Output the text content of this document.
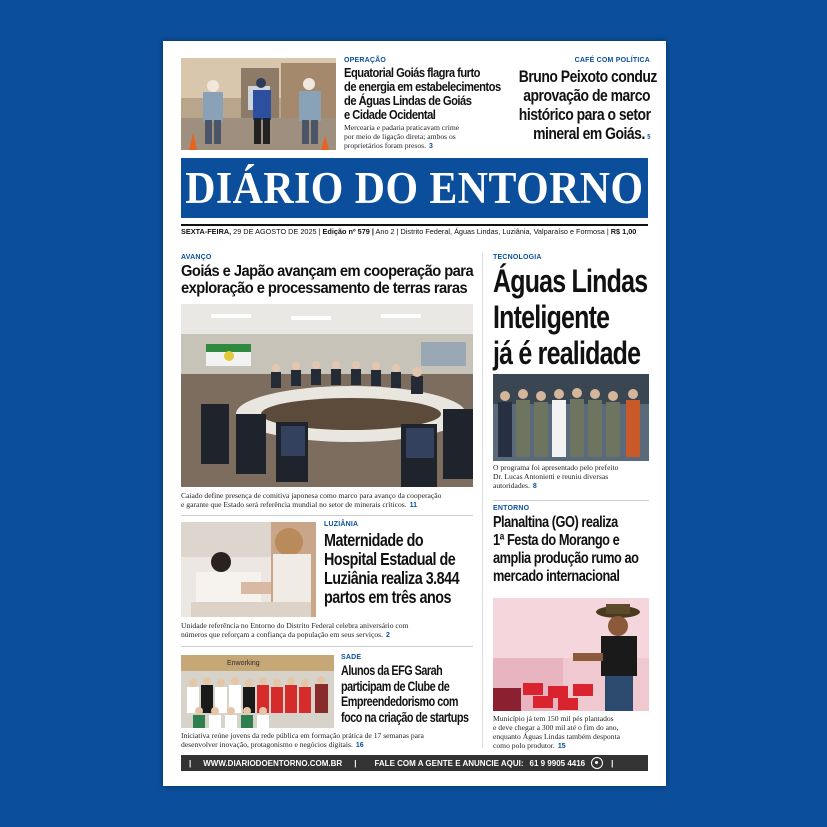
OPERAÇÃO
Equatorial Goiás flagra furto
de energia em estabelecimentos
de Águas Lindas de Goiás
e Cidade Ocidental
Mercearia e padaria praticavam crime
por meio de ligação direta; ambos os
proprietários foram presos. 3
CAFÉ COM POLÍTICA
Bruno Peixoto conduz
aprovação de marco
histórico para o setor
mineral em Goiás. 5
DIÁRIO DO ENTORNO
SEXTA-FEIRA, 29 DE AGOSTO DE 2025 | Edição nº 579 | Ano 2 | Distrito Federal, Águas Lindas, Luziânia, Valparaíso e Formosa | R$ 1,00
AVANÇO
Goiás e Japão avançam em cooperação para
exploração e processamento de terras raras
Caiado define presença de comitiva japonesa como marco para avanço da cooperação
e garante que Estado será referência mundial no setor de minerais críticos. 11
LUZIÂNIA
Maternidade do
Hospital Estadual de
Luziânia realiza 3.844
partos em três anos
Unidade referência no Entorno do Distrito Federal celebra aniversário com
números que reforçam a confiança da população em seus serviços. 2
Enworking
SADE
Alunos da EFG Sarah
participam de Clube de
Empreendedorismo com
foco na criação de startups
Iniciativa reúne jovens da rede pública em formação prática de 17 semanas para
desenvolver inovação, protagonismo e negócios digitais. 16
TECNOLOGIA
Águas Lindas
Inteligente
já é realidade
O programa foi apresentado pelo prefeito
Dr. Lucas Antonietti e reuniu diversas
autoridades. 8
ENTORNO
Planaltina (GO) realiza
1ª Festa do Morango e
amplia produção rumo ao
mercado internacional
Município já tem 150 mil pés plantados
e deve chegar a 300 mil até o fim do ano,
enquanto Águas Lindas também desponta
como polo produtor. 15
| WWW.DIARIODOENTORNO.COM.BR | FALE COM A GENTE E ANUNCIE AQUI: 61 9 9905 4416	|
